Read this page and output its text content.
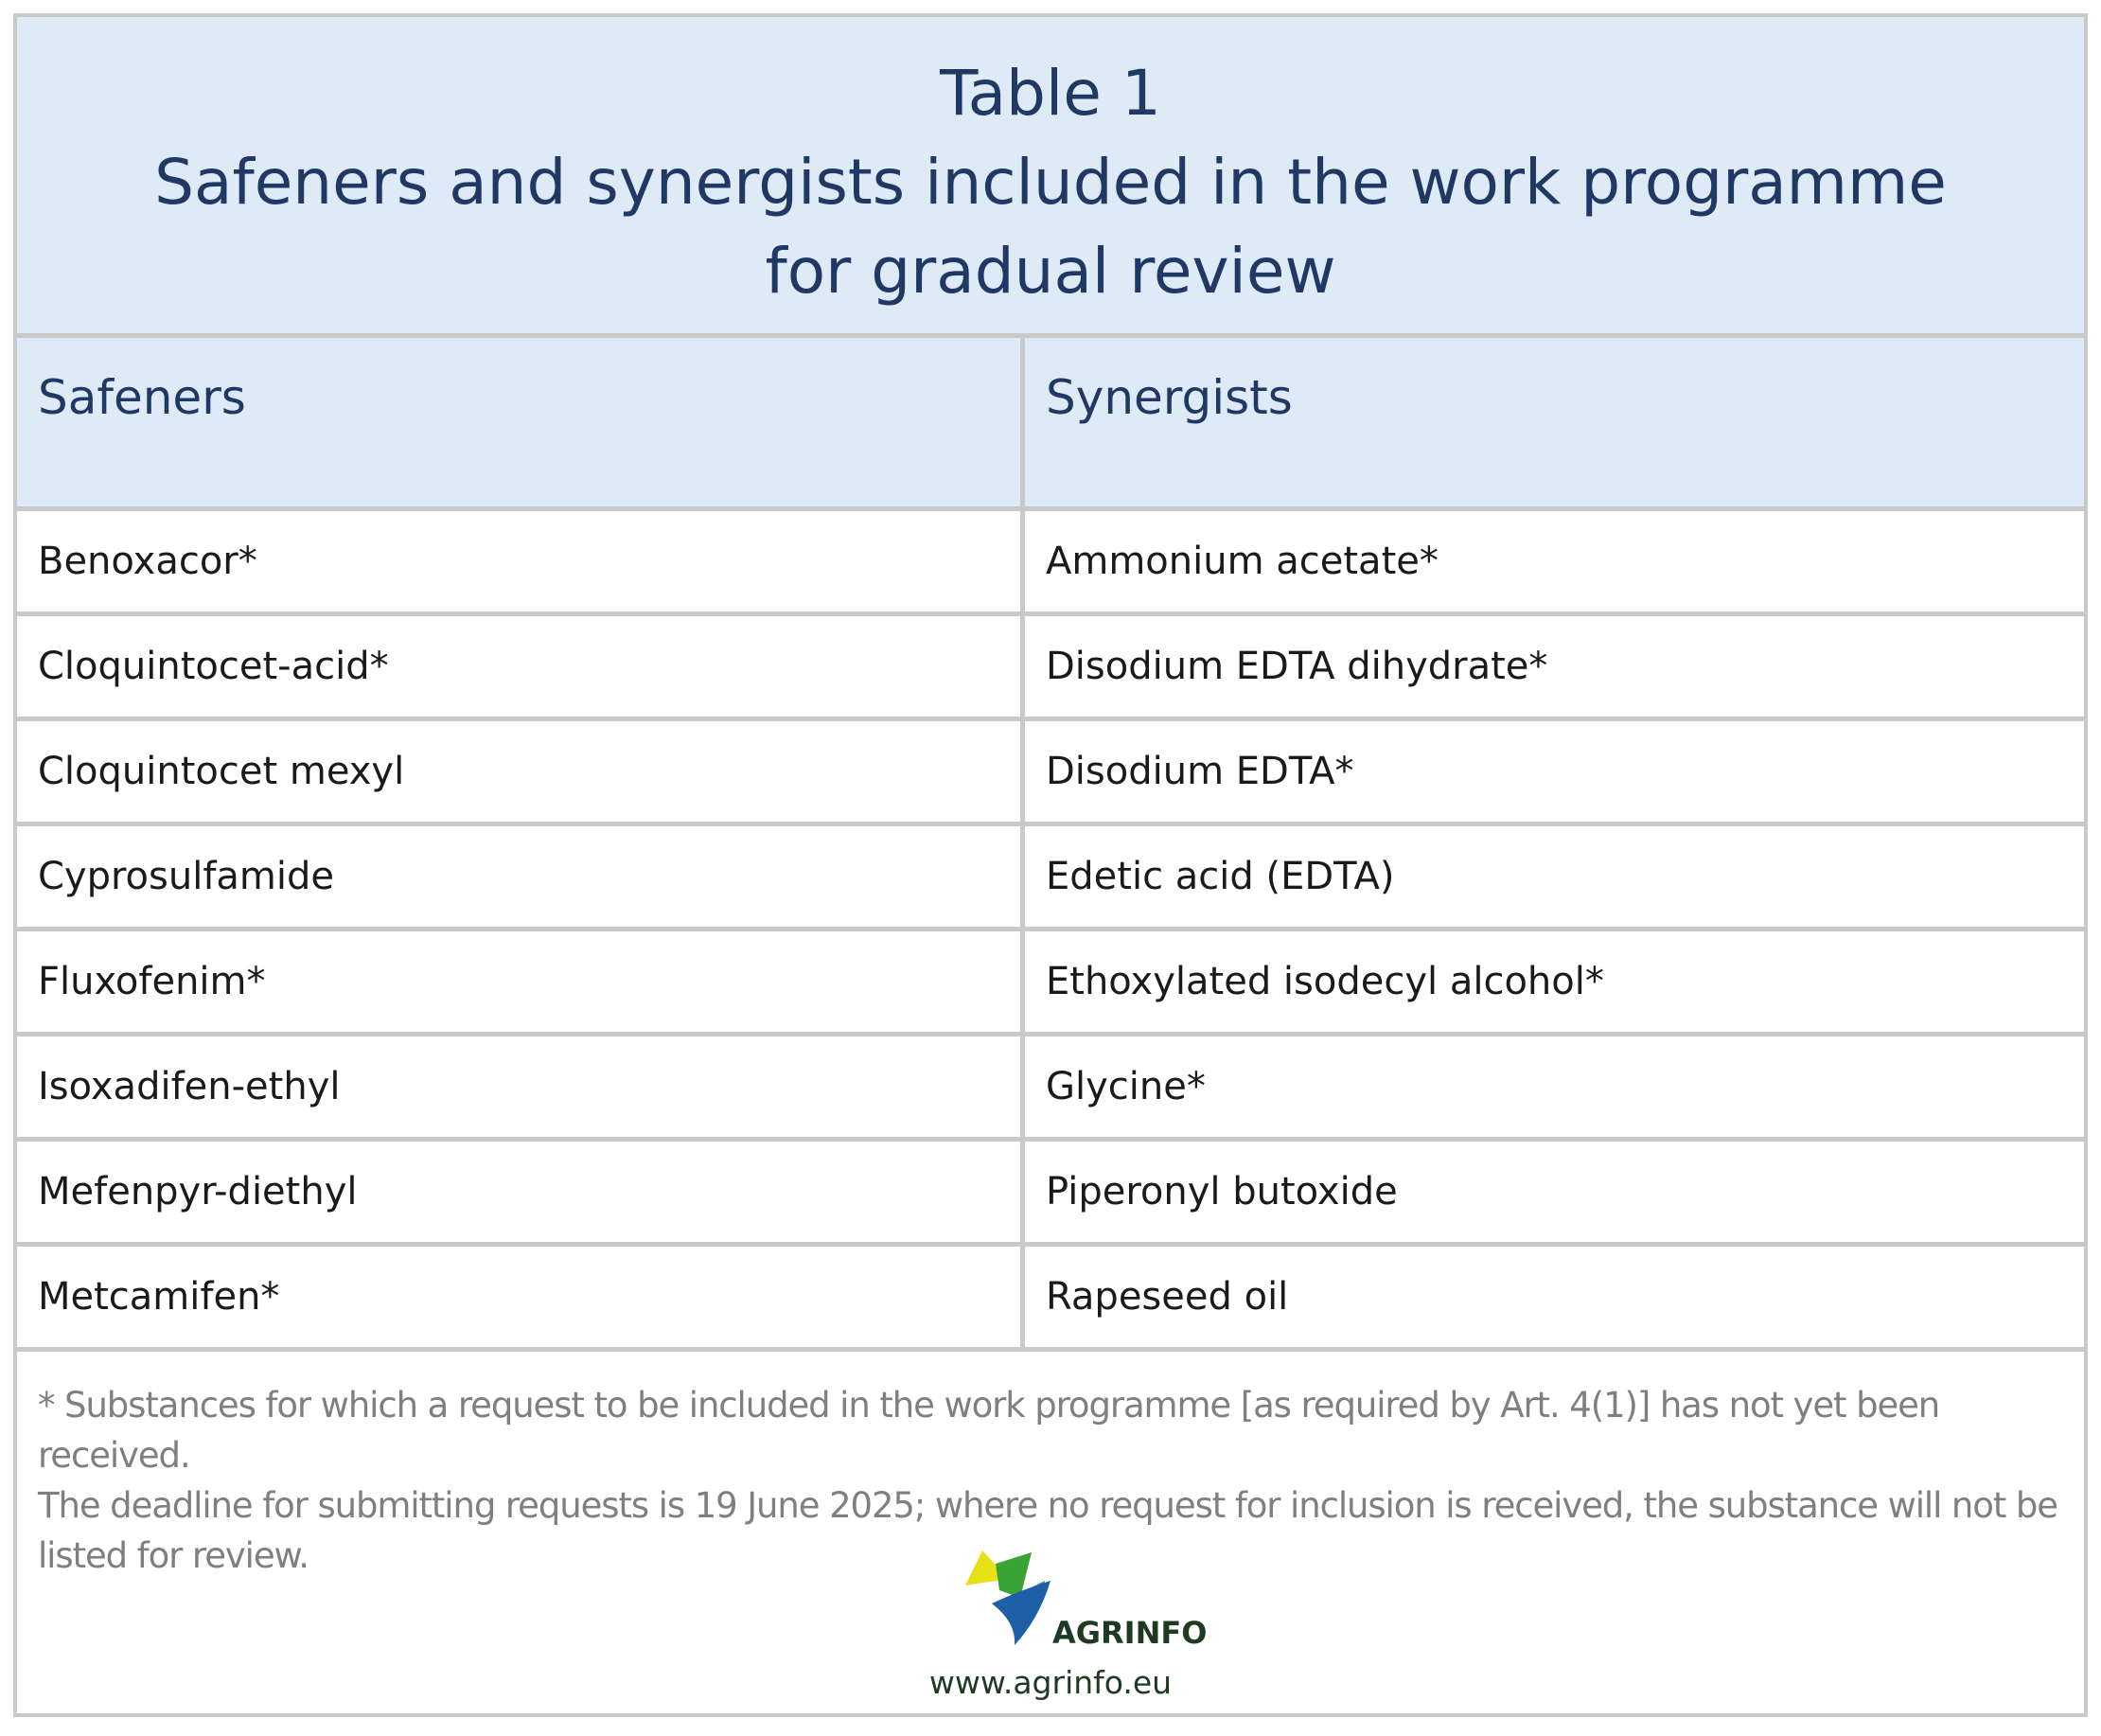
Table 1
Safeners and synergists included in the work programme
for gradual review
Safeners	Synergists
Benoxacor*	Ammonium acetate*
Cloquintocet-acid*	Disodium EDTA dihydrate*
Cloquintocet mexyl	Disodium EDTA*
Cyprosulfamide	Edetic acid (EDTA)
Fluxofenim*	Ethoxylated isodecyl alcohol*
Isoxadifen-ethyl	Glycine*
Mefenpyr-diethyl	Piperonyl butoxide
Metcamifen*	Rapeseed oil
* Substances for which a request to be included in the work programme [as required by Art. 4(1)] has not yet been received.
The deadline for submitting requests is 19 June 2025; where no request for inclusion is received, the substance will not be
listed for review.
AGRINFO
www.agrinfo.eu
